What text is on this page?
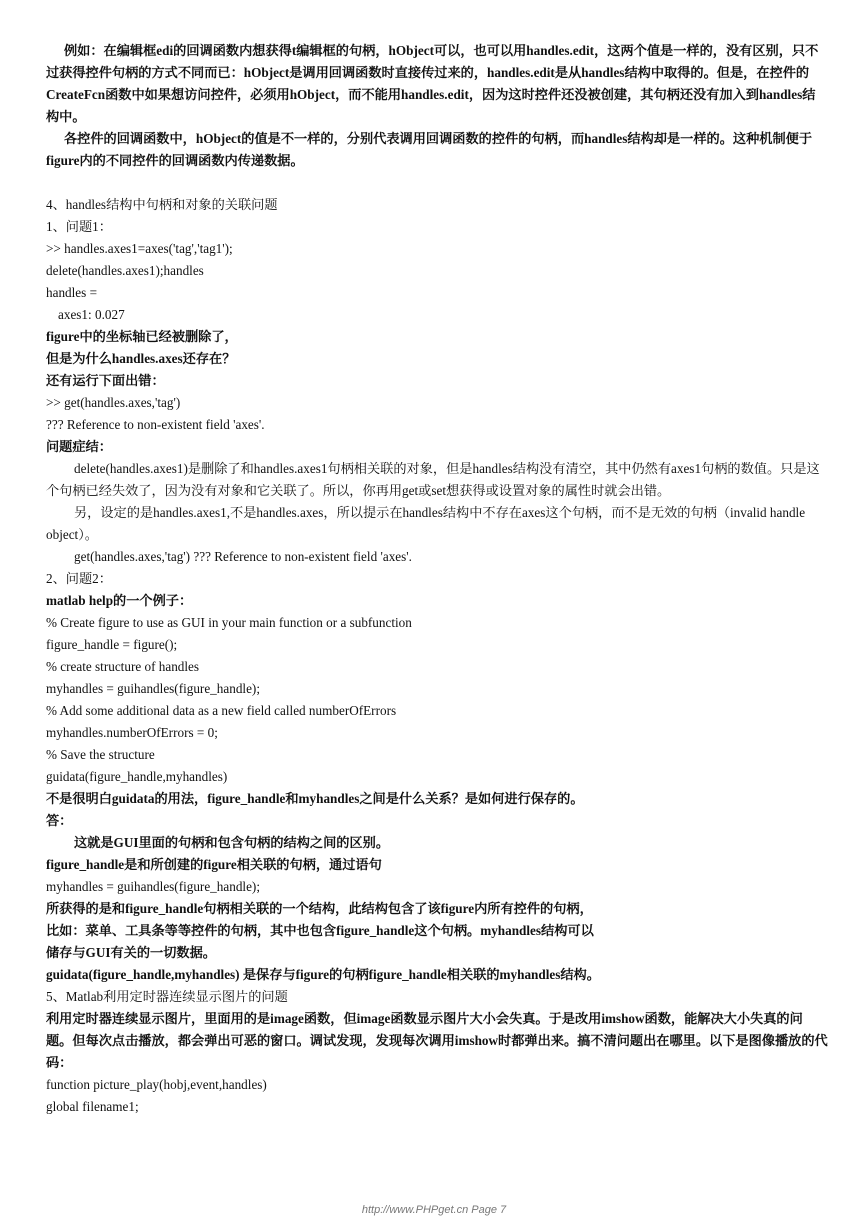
例如：在编辑框edi的回调函数内想获得t编辑框的句柄，hObject可以，也可以用handles.edit，这两个值是一样的，没有区别，只不过获得控件句柄的方式不同而已：hObject是调用回调函数时直接传过来的，handles.edit是从handles结构中取得的。但是，在控件的CreateFcn函数中如果想访问控件，必须用hObject，而不能用handles.edit，因为这时控件还没被创建，其句柄还没有加入到handles结构中。

各控件的回调函数中，hObject的值是不一样的，分别代表调用回调函数的控件的句柄，而handles结构却是一样的。这种机制便于figure内的不同控件的回调函数内传递数据。

4、handles结构中句柄和对象的关联问题

1、问题1：

>> handles.axes1=axes('tag','tag1');

delete(handles.axes1);handles

handles =

axes1: 0.027

figure中的坐标轴已经被删除了，

但是为什么handles.axes还存在？

还有运行下面出错：

>> get(handles.axes,'tag')

??? Reference to non-existent field 'axes'.

问题症结：

delete(handles.axes1)是删除了和handles.axes1句柄相关联的对象，但是handles结构没有清空，其中仍然有axes1句柄的数值。只是这个句柄已经失效了，因为没有对象和它关联了。所以，你再用get或set想获得或设置对象的属性时就会出错。

另，设定的是handles.axes1,不是handles.axes，所以提示在handles结构中不存在axes这个句柄，而不是无效的句柄（invalid handle object）。

get(handles.axes,'tag') ??? Reference to non-existent field 'axes'.

2、问题2：

matlab help的一个例子：

% Create figure to use as GUI in your main function or a subfunction

figure_handle = figure();

% create structure of handles

myhandles = guihandles(figure_handle);

% Add some additional data as a new field called numberOfErrors

myhandles.numberOfErrors = 0;

% Save the structure

guidata(figure_handle,myhandles)

不是很明白guidata的用法，figure_handle和myhandles之间是什么关系？是如何进行保存的。

答：

这就是GUI里面的句柄和包含句柄的结构之间的区别。

figure_handle是和所创建的figure相关联的句柄，通过语句

myhandles = guihandles(figure_handle);

所获得的是和figure_handle句柄相关联的一个结构，此结构包含了该figure内所有控件的句柄，

比如：菜单、工具条等等控件的句柄，其中也包含figure_handle这个句柄。myhandles结构可以

储存与GUI有关的一切数据。

guidata(figure_handle,myhandles) 是保存与figure的句柄figure_handle相关联的myhandles结构。

5、Matlab利用定时器连续显示图片的问题

利用定时器连续显示图片，里面用的是image函数，但image函数显示图片大小会失真。于是改用imshow函数，能解决大小失真的问题。但每次点击播放，都会弹出可恶的窗口。调试发现，发现每次调用imshow时都弹出来。搞不清问题出在哪里。以下是图像播放的代码：

function picture_play(hobj,event,handles)

global filename1;

http://www.PHPget.cn Page 7
